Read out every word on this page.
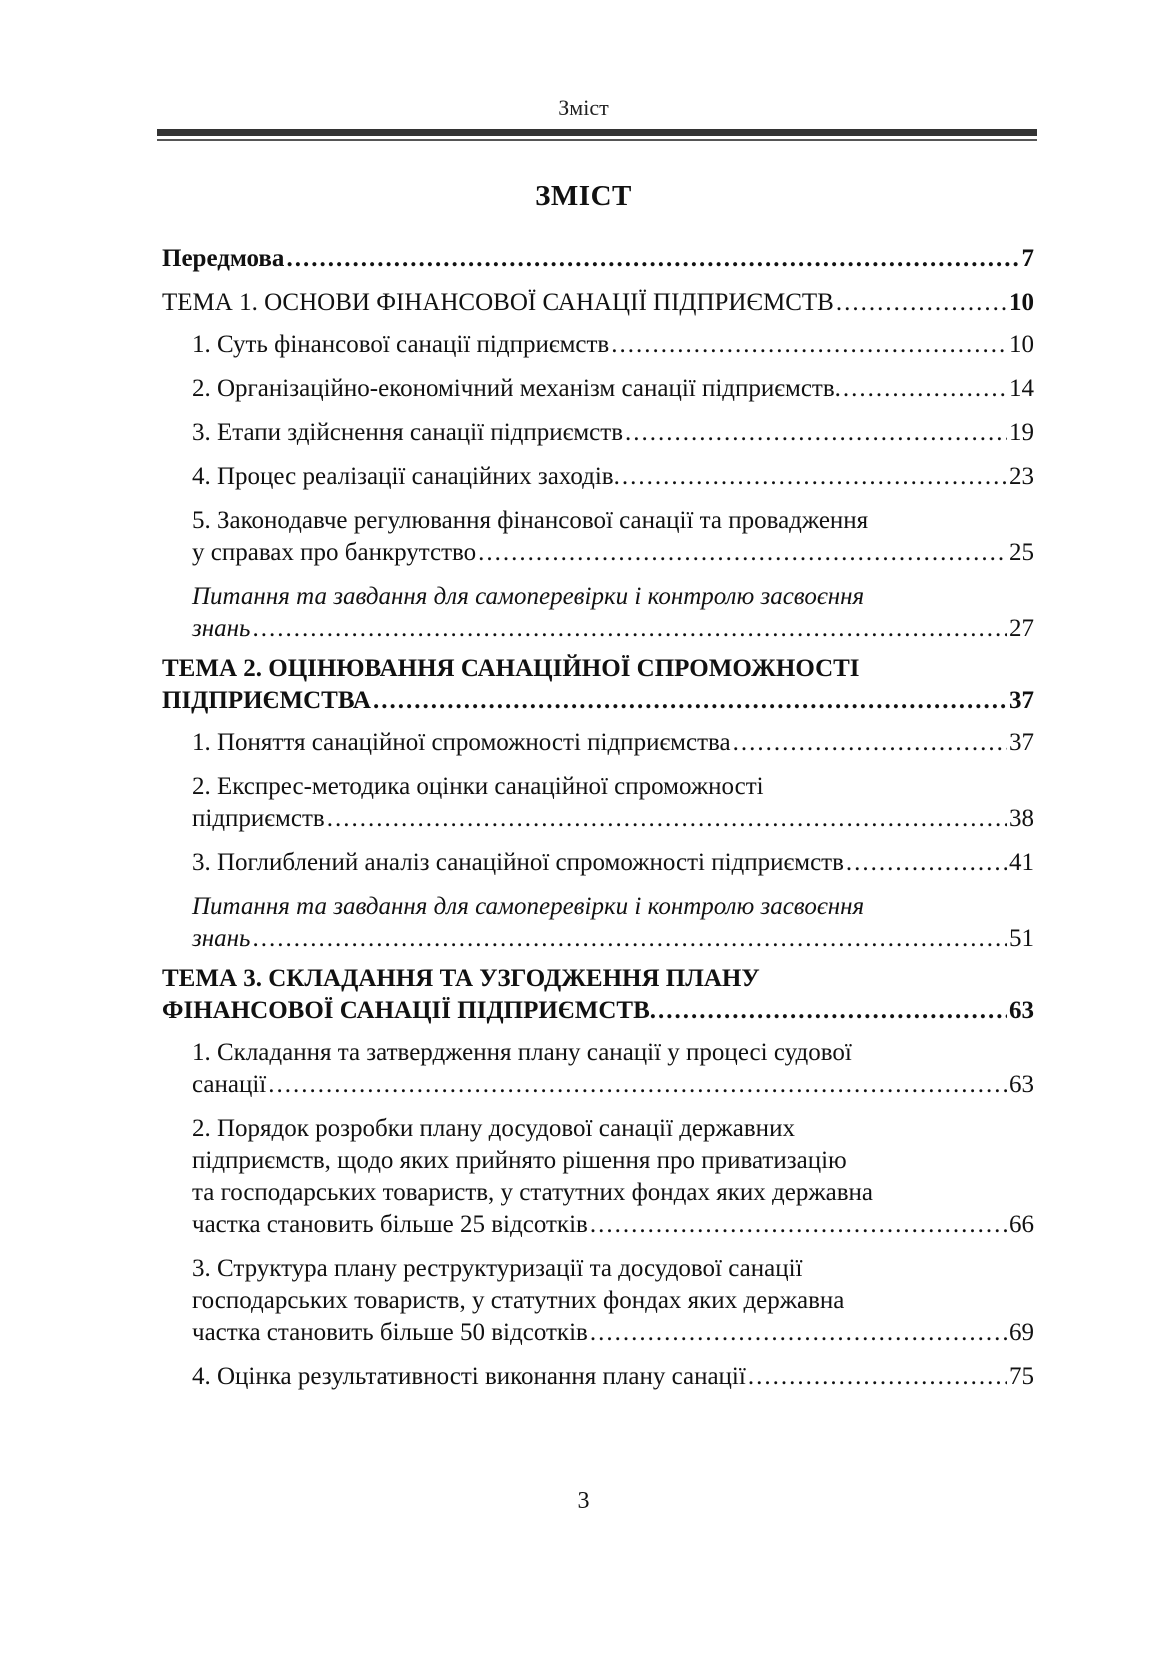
Зміст
ЗМІСТ
Передмова .....	7
ТЕМА 1. ОСНОВИ ФІНАНСОВОЇ САНАЦІЇ ПІДПРИЄМСТВ .....	10
1. Суть фінансової санації підприємств .....	10
2. Організаційно-економічний механізм санації підприємств. .....	14
3. Етапи здійснення санації підприємств .....	19
4. Процес реалізації санаційних заходів. .....	23
5. Законодавче регулювання фінансової санації та провадження
у справах про банкрутство .....	25
Питання та завдання для самоперевірки і контролю засвоєння
знань .....	27
ТЕМА 2. ОЦІНЮВАННЯ САНАЦІЙНОЇ СПРОМОЖНОСТІ
ПІДПРИЄМСТВА .....	37
1. Поняття санаційної спроможності підприємства .....	37
2. Експрес-методика оцінки санаційної спроможності
підприємств .....	38
3. Поглиблений аналіз санаційної спроможності підприємств .....	41
Питання та завдання для самоперевірки і контролю засвоєння
знань .....	51
ТЕМА 3. СКЛАДАННЯ ТА УЗГОДЖЕННЯ ПЛАНУ
ФІНАНСОВОЇ САНАЦІЇ ПІДПРИЄМСТВ. .....	63
1. Складання та затвердження плану санації у процесі судової
санації .....	63
2. Порядок розробки плану досудової санації державних
підприємств, щодо яких прийнято рішення про приватизацію
та господарських товариств, у статутних фондах яких державна
частка становить більше 25 відсотків .....	66
3. Структура плану реструктуризації та досудової санації
господарських товариств, у статутних фондах яких державна
частка становить більше 50 відсотків .....	69
4. Оцінка результативності виконання плану санації .....	75
3
